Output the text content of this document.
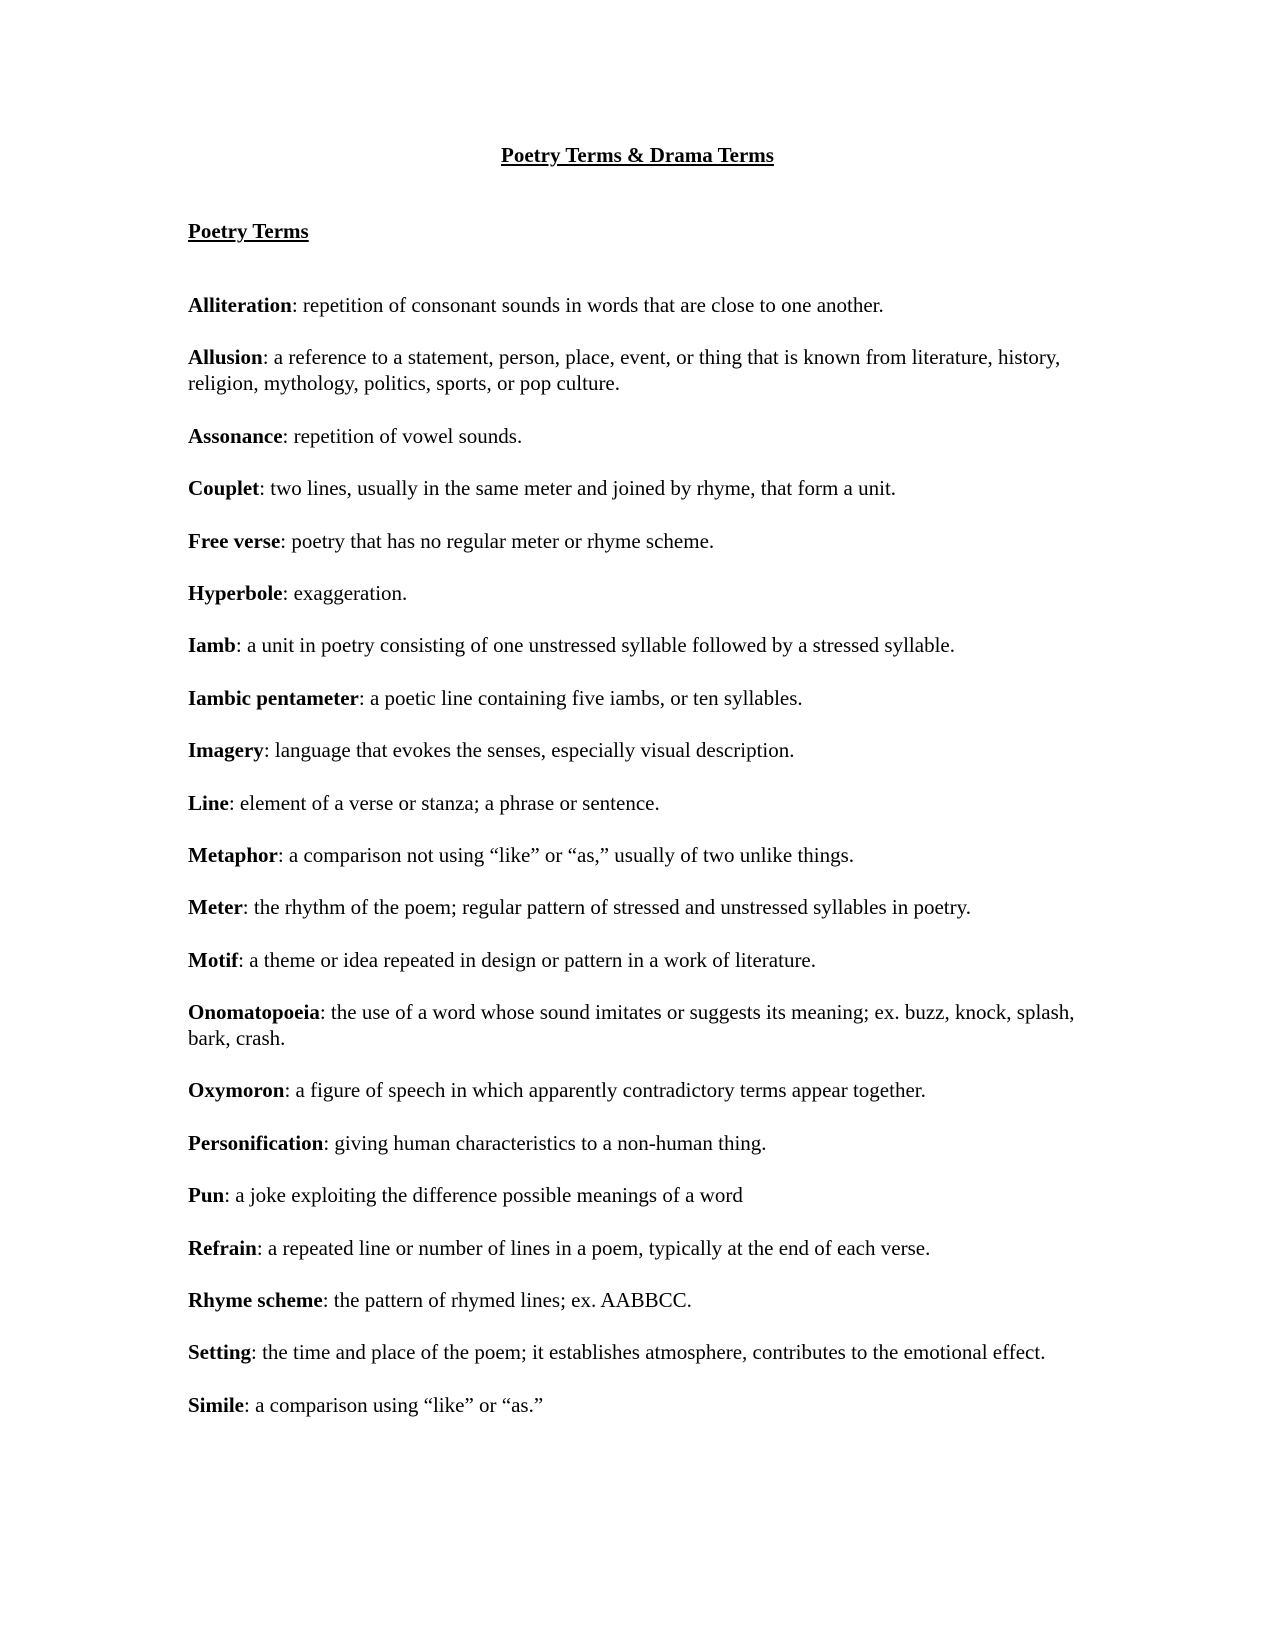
Poetry Terms & Drama Terms
Poetry Terms
Alliteration: repetition of consonant sounds in words that are close to one another.
Allusion: a reference to a statement, person, place, event, or thing that is known from literature, history, religion, mythology, politics, sports, or pop culture.
Assonance: repetition of vowel sounds.
Couplet: two lines, usually in the same meter and joined by rhyme, that form a unit.
Free verse: poetry that has no regular meter or rhyme scheme.
Hyperbole: exaggeration.
Iamb: a unit in poetry consisting of one unstressed syllable followed by a stressed syllable.
Iambic pentameter: a poetic line containing five iambs, or ten syllables.
Imagery: language that evokes the senses, especially visual description.
Line: element of a verse or stanza; a phrase or sentence.
Metaphor: a comparison not using “like” or “as,” usually of two unlike things.
Meter: the rhythm of the poem; regular pattern of stressed and unstressed syllables in poetry.
Motif: a theme or idea repeated in design or pattern in a work of literature.
Onomatopoeia: the use of a word whose sound imitates or suggests its meaning; ex. buzz, knock, splash, bark, crash.
Oxymoron: a figure of speech in which apparently contradictory terms appear together.
Personification: giving human characteristics to a non-human thing.
Pun: a joke exploiting the difference possible meanings of a word
Refrain: a repeated line or number of lines in a poem, typically at the end of each verse.
Rhyme scheme: the pattern of rhymed lines; ex. AABBCC.
Setting: the time and place of the poem; it establishes atmosphere, contributes to the emotional effect.
Simile: a comparison using “like” or “as.”
